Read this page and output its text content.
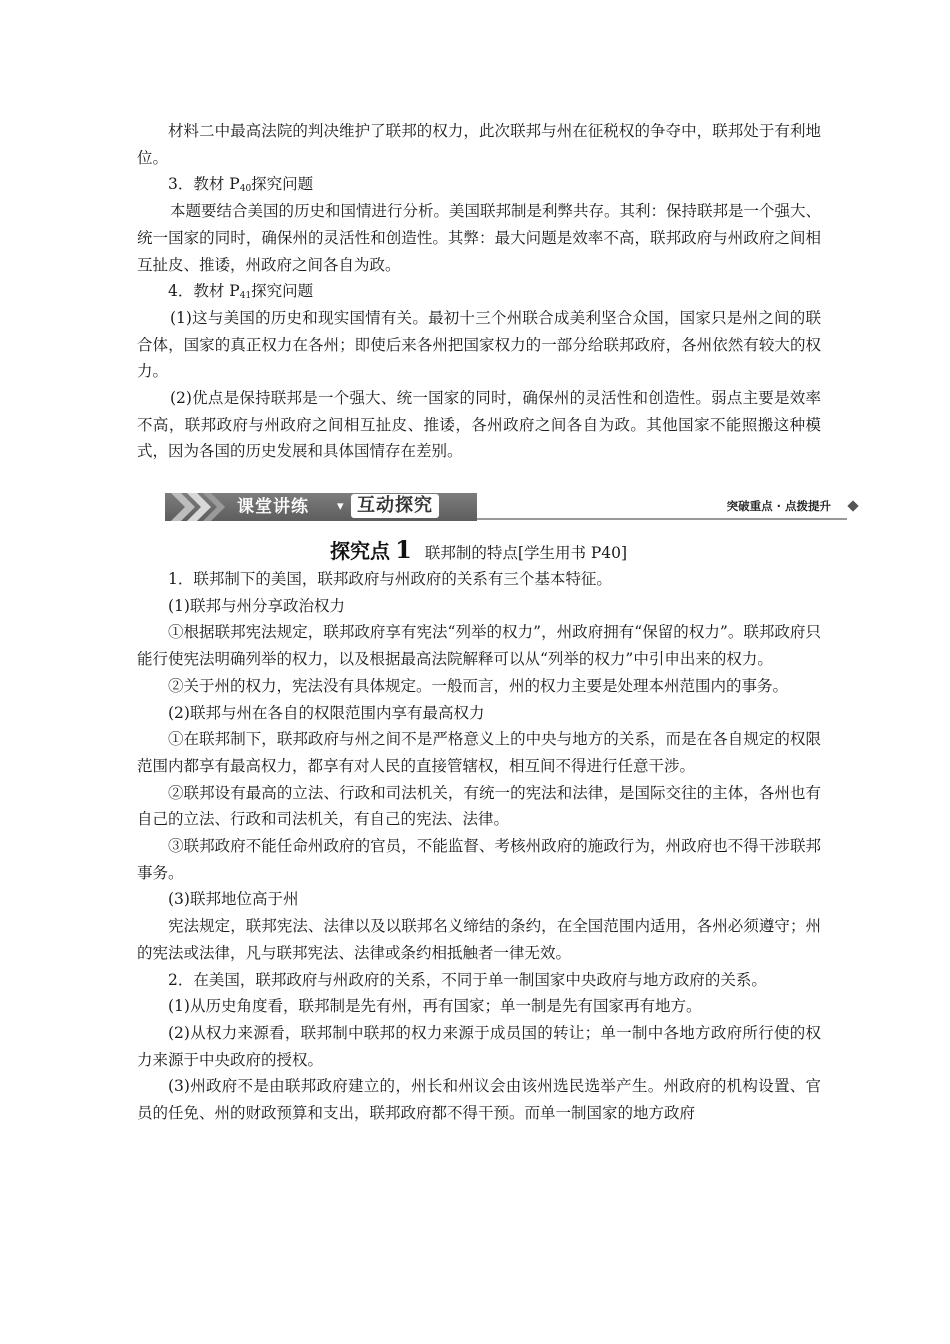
材料二中最高法院的判决维护了联邦的权力，此次联邦与州在征税权的争夺中，联邦处于有利地位。

3．教材 $P_{40}$探究问题

本题要结合美国的历史和国情进行分析。美国联邦制是利弊共存。其利：保持联邦是一个强大、统一国家的同时，确保州的灵活性和创造性。其弊：最大问题是效率不高，联邦政府与州政府之间相互扯皮、推诿，州政府之间各自为政。

4．教材 $P_{41}$探究问题

(1)这与美国的历史和现实国情有关。最初十三个州联合成美利坚合众国，国家只是州之间的联合体，国家的真正权力在各州；即使后来各州把国家权力的一部分给联邦政府，各州依然有较大的权力。

(2)优点是保持联邦是一个强大、统一国家的同时，确保州的灵活性和创造性。弱点主要是效率不高，联邦政府与州政府之间相互扯皮、推诿，各州政府之间各自为政。其他国家不能照搬这种模式，因为各国的历史发展和具体国情存在差别。

课堂讲练 ▾ 互动探究	突破重点 · 点拨提升
探究点 1 联邦制的特点[学生用书 P40]

1．联邦制下的美国，联邦政府与州政府的关系有三个基本特征。

(1)联邦与州分享政治权力

①根据联邦宪法规定，联邦政府享有宪法“列举的权力”，州政府拥有“保留的权力”。联邦政府只能行使宪法明确列举的权力，以及根据最高法院解释可以从“列举的权力”中引申出来的权力。

②关于州的权力，宪法没有具体规定。一般而言，州的权力主要是处理本州范围内的事务。

(2)联邦与州在各自的权限范围内享有最高权力

①在联邦制下，联邦政府与州之间不是严格意义上的中央与地方的关系，而是在各自规定的权限范围内都享有最高权力，都享有对人民的直接管辖权，相互间不得进行任意干涉。

②联邦设有最高的立法、行政和司法机关，有统一的宪法和法律，是国际交往的主体，各州也有自己的立法、行政和司法机关，有自己的宪法、法律。

③联邦政府不能任命州政府的官员，不能监督、考核州政府的施政行为，州政府也不得干涉联邦事务。

(3)联邦地位高于州

宪法规定，联邦宪法、法律以及以联邦名义缔结的条约，在全国范围内适用，各州必须遵守；州的宪法或法律，凡与联邦宪法、法律或条约相抵触者一律无效。

2．在美国，联邦政府与州政府的关系，不同于单一制国家中央政府与地方政府的关系。

(1)从历史角度看，联邦制是先有州，再有国家；单一制是先有国家再有地方。

(2)从权力来源看，联邦制中联邦的权力来源于成员国的转让；单一制中各地方政府所行使的权力来源于中央政府的授权。

(3)州政府不是由联邦政府建立的，州长和州议会由该州选民选举产生。州政府的机构设置、官员的任免、州的财政预算和支出，联邦政府都不得干预。而单一制国家的地方政府
